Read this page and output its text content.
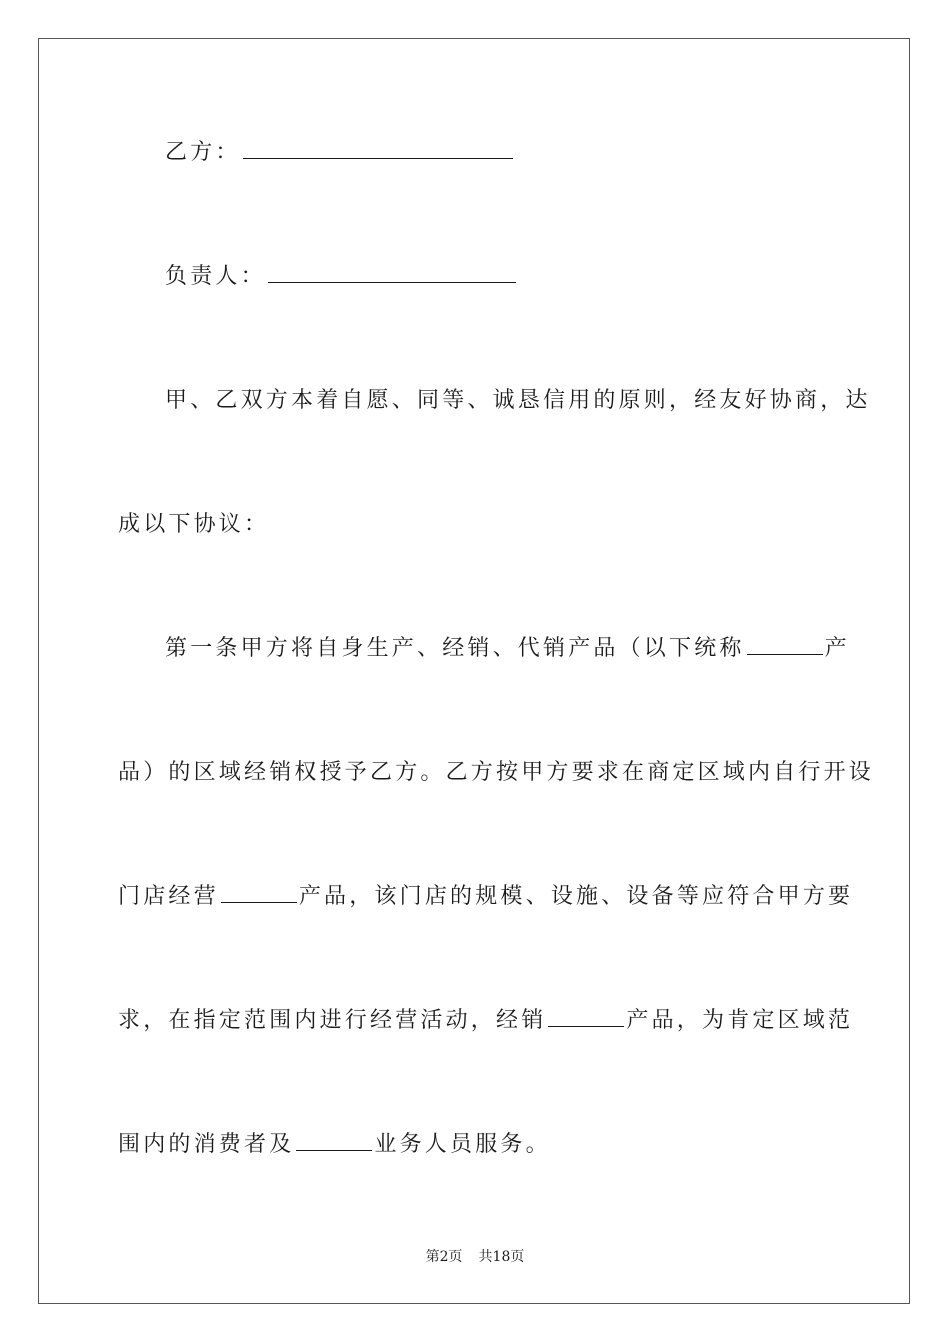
乙方：
负责人：
甲、乙双方本着自愿、同等、诚恳信用的原则，经友好协商，达
成以下协议：
第一条甲方将自身生产、经销、代销产品（以下统称	产
品）的区域经销权授予乙方。乙方按甲方要求在商定区域内自行开设
门店经营	产品，该门店的规模、设施、设备等应符合甲方要
求，在指定范围内进行经营活动，经销	产品，为肯定区域范
围内的消费者及	业务人员服务。
第2页 共18页
